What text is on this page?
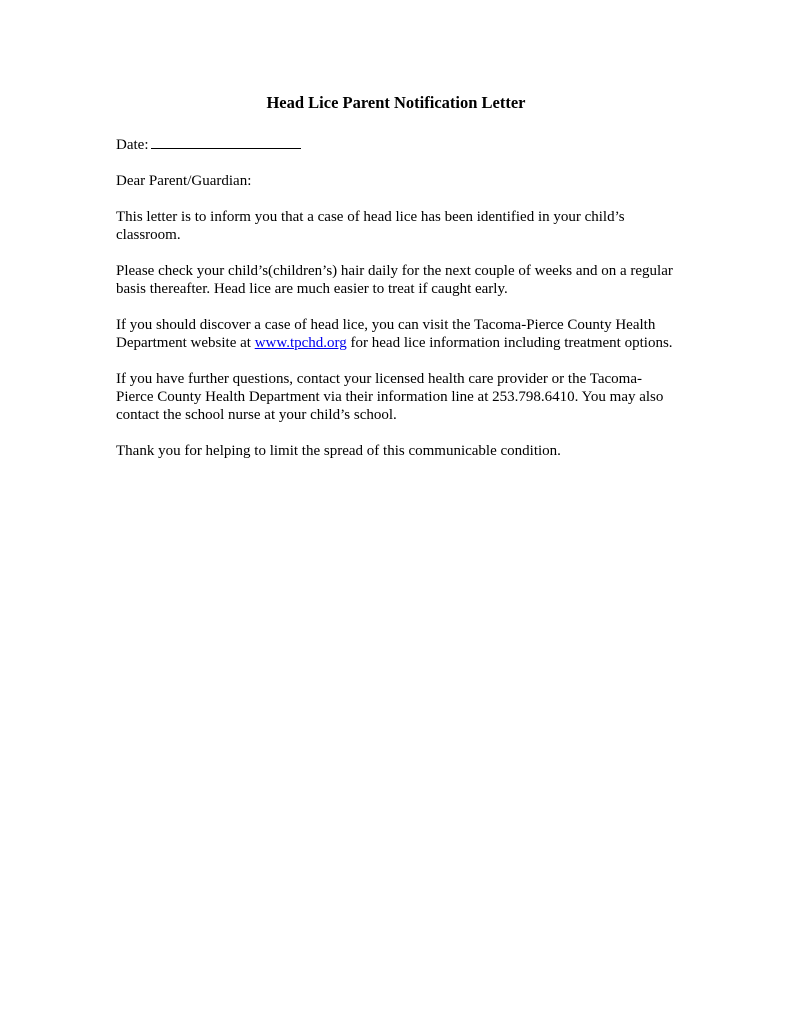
Head Lice Parent Notification Letter
Date:
Dear Parent/Guardian:
This letter is to inform you that a case of head lice has been identified in your child’s classroom.
Please check your child’s(children’s) hair daily for the next couple of weeks and on a regular basis thereafter. Head lice are much easier to treat if caught early.
If you should discover a case of head lice, you can visit the Tacoma-Pierce County Health Department website at www.tpchd.org for head lice information including treatment options.
If you have further questions, contact your licensed health care provider or the Tacoma-Pierce County Health Department via their information line at 253.798.6410. You may also contact the school nurse at your child’s school.
Thank you for helping to limit the spread of this communicable condition.
